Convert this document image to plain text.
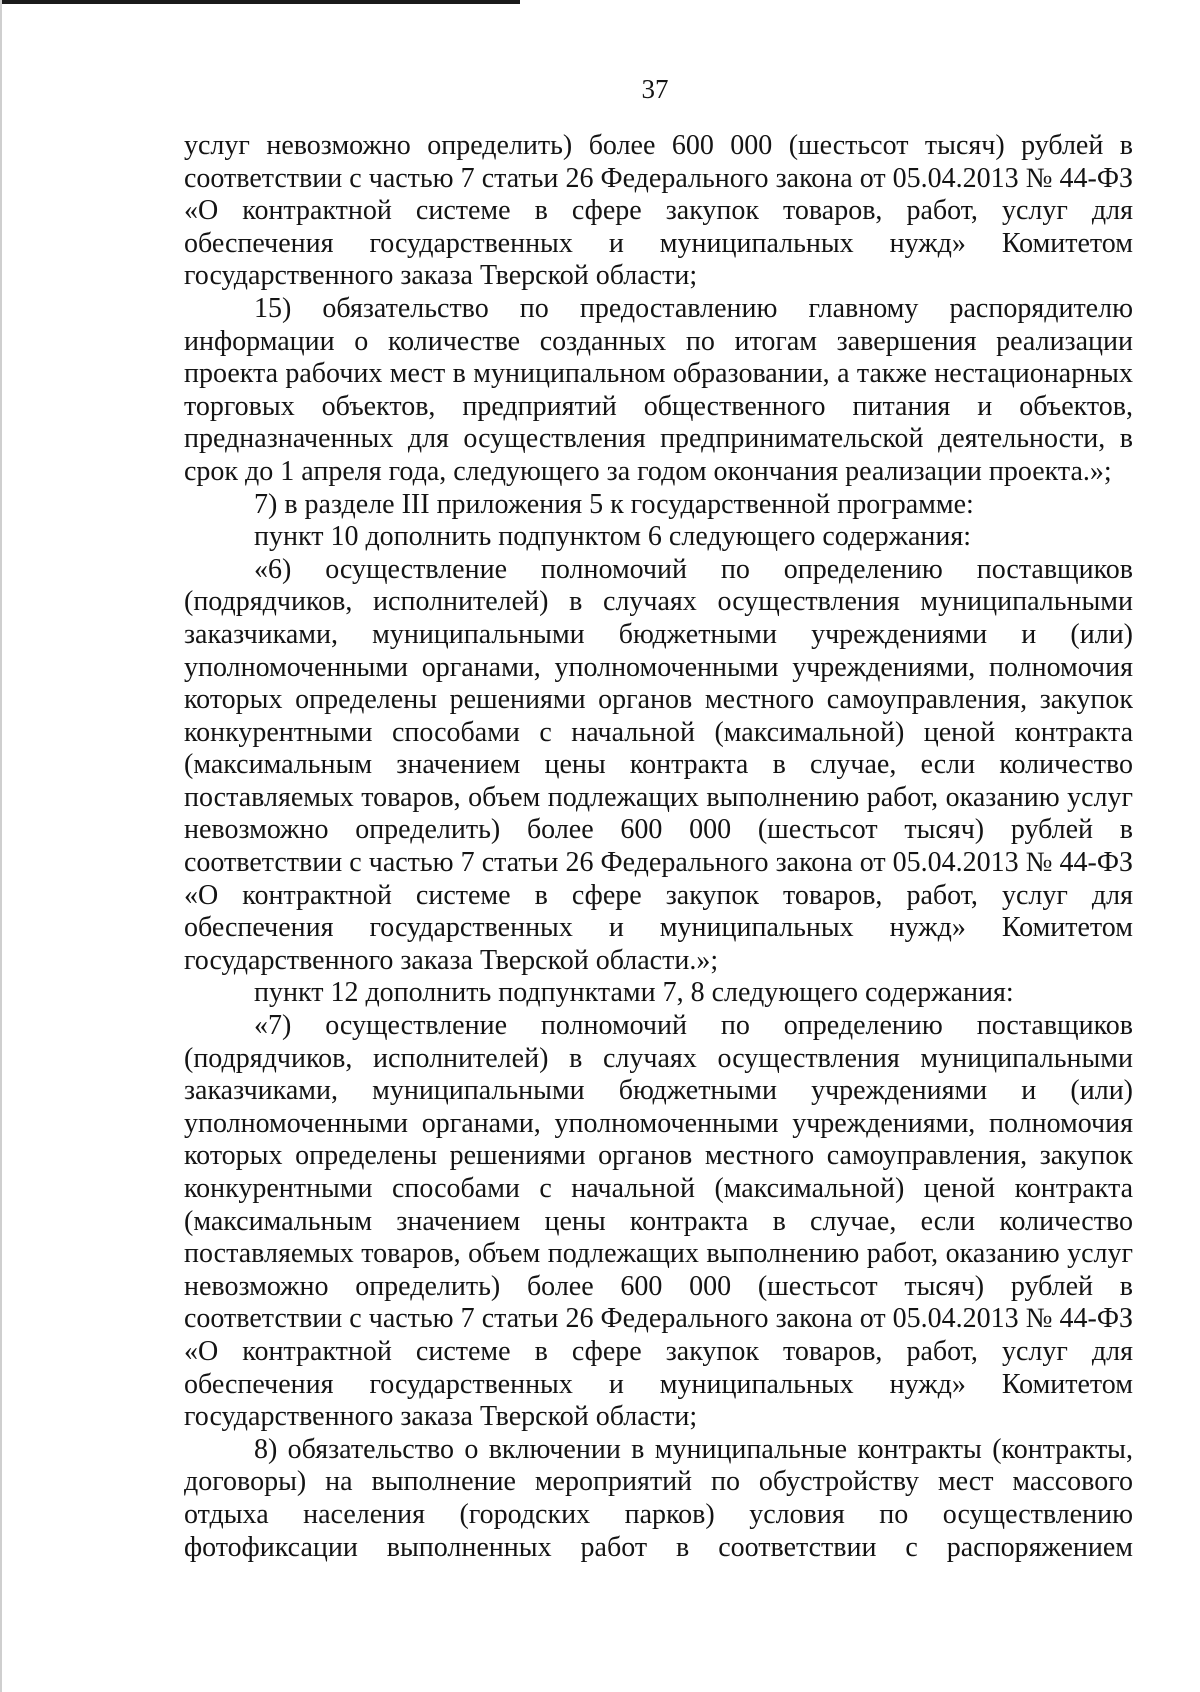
37

услуг невозможно определить) более 600 000 (шестьсот тысяч) рублей в соответствии с частью 7 статьи 26 Федерального закона от 05.04.2013 № 44-ФЗ «О контрактной системе в сфере закупок товаров, работ, услуг для обеспечения государственных и муниципальных нужд» Комитетом государственного заказа Тверской области;

15) обязательство по предоставлению главному распорядителю информации о количестве созданных по итогам завершения реализации проекта рабочих мест в муниципальном образовании, а также нестационарных торговых объектов, предприятий общественного питания и объектов, предназначенных для осуществления предпринимательской деятельности, в срок до 1 апреля года, следующего за годом окончания реализации проекта.»;

7) в разделе III приложения 5 к государственной программе:

пункт 10 дополнить подпунктом 6 следующего содержания:

«6) осуществление полномочий по определению поставщиков (подрядчиков, исполнителей) в случаях осуществления муниципальными заказчиками, муниципальными бюджетными учреждениями и (или) уполномоченными органами, уполномоченными учреждениями, полномочия которых определены решениями органов местного самоуправления, закупок конкурентными способами с начальной (максимальной) ценой контракта (максимальным значением цены контракта в случае, если количество поставляемых товаров, объем подлежащих выполнению работ, оказанию услуг невозможно определить) более 600 000 (шестьсот тысяч) рублей в соответствии с частью 7 статьи 26 Федерального закона от 05.04.2013 № 44-ФЗ «О контрактной системе в сфере закупок товаров, работ, услуг для обеспечения государственных и муниципальных нужд» Комитетом государственного заказа Тверской области.»;

пункт 12 дополнить подпунктами 7, 8 следующего содержания:

«7) осуществление полномочий по определению поставщиков (подрядчиков, исполнителей) в случаях осуществления муниципальными заказчиками, муниципальными бюджетными учреждениями и (или) уполномоченными органами, уполномоченными учреждениями, полномочия которых определены решениями органов местного самоуправления, закупок конкурентными способами с начальной (максимальной) ценой контракта (максимальным значением цены контракта в случае, если количество поставляемых товаров, объем подлежащих выполнению работ, оказанию услуг невозможно определить) более 600 000 (шестьсот тысяч) рублей в соответствии с частью 7 статьи 26 Федерального закона от 05.04.2013 № 44-ФЗ «О контрактной системе в сфере закупок товаров, работ, услуг для обеспечения государственных и муниципальных нужд» Комитетом государственного заказа Тверской области;

8) обязательство о включении в муниципальные контракты (контракты, договоры) на выполнение мероприятий по обустройству мест массового отдыха населения (городских парков) условия по осуществлению фотофиксации выполненных работ в соответствии с распоряжением
